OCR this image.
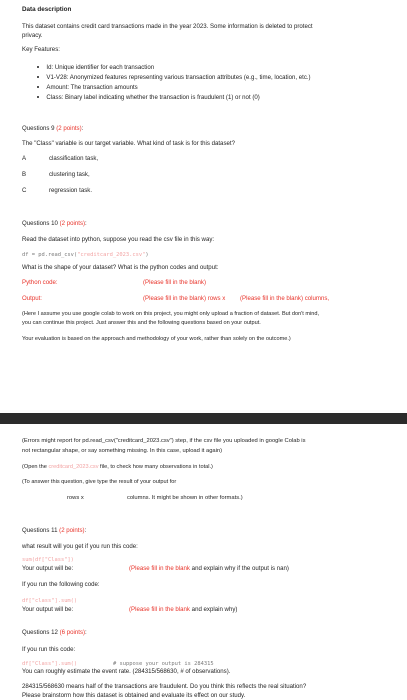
Data description
This dataset contains credit card transactions made in the year 2023. Some information is deleted to protect
privacy.
Key Features:
Id: Unique identifier for each transaction
V1-V28: Anonymized features representing various transaction attributes (e.g., time, location, etc.)
Amount: The transaction amounts
Class: Binary label indicating whether the transaction is fraudulent (1) or not (0)
Questions 9 (2 points):
The "Class" variable is our target variable. What kind of task is for this dataset?
A	classification task,
B	clustering task,
C	regression task.
Questions 10 (2 points):
Read the dataset into python, suppose you read the csv file in this way:
df = pd.read_csv("creditcard_2023.csv")
What is the shape of your dataset? What is the python codes and output:
Python code:	(Please fill in the blank)
Output:	(Please fill in the blank) rows x (Please fill in the blank) columns,
(Here I assume you use google colab to work on this project, you might only upload a fraction of dataset. But don't mind,
you can continue this project. Just answer this and the following questions based on your output.
Your evaluation is based on the approach and methodology of your work, rather than solely on the outcome.)
(Errors might report for pd.read_csv("creditcard_2023.csv") step, if the csv file you uploaded in google Colab is
not rectangular shape, or say something missing. In this case, upload it again)
(Open the creditcard_2023.csv file, to check how many observations in total.)
(To answer this question, give type the result of your output for
rows x	columns. It might be shown in other formats.)
Questions 11 (2 points):
what result will you get if you run this code:
sum(df["Class"])
Your output will be:	(Please fill in the blank and explain why if the output is nan)
If you run the following code:
df["class"].sum()
Your output will be:	(Please fill in the blank and explain why)
Questions 12 (6 points):
If you run this code:
df["Class"].sum()	# suppose your output is 284315
You can roughly estimate the event rate. (284315/568630, # of observations).
284315/568630 means half of the transactions are fraudulent. Do you think this reflects the real situation?
Please brainstorm how this dataset is obtained and evaluate its effect on our study.
